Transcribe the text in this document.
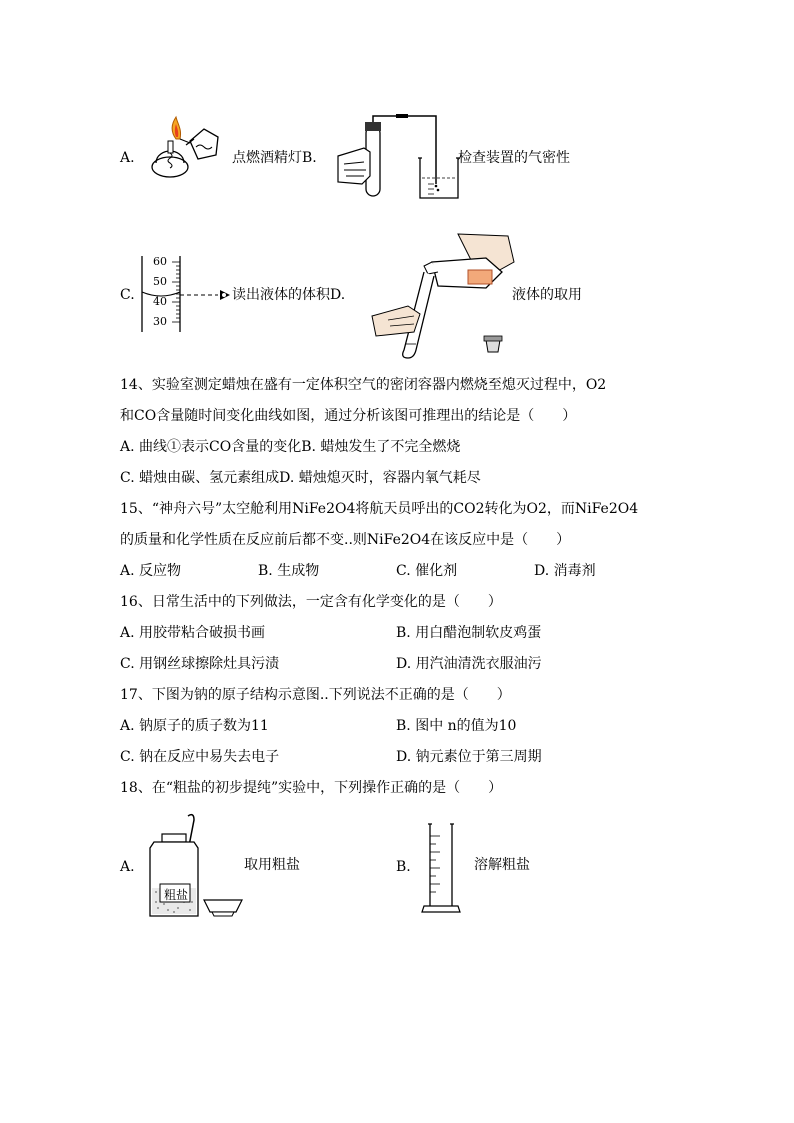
A.	点燃酒精灯B.	检查装置的气密性
C.
60
50
40
30
读出液体的体积D.	液体的取用
14、实验室测定蜡烛在盛有一定体积空气的密闭容器内燃烧至熄灭过程中，O2
和CO含量随时间变化曲线如图，通过分析该图可推理出的结论是（　　）
A. 曲线①表示CO含量的变化B. 蜡烛发生了不完全燃烧
C. 蜡烛由碳、氢元素组成D. 蜡烛熄灭时，容器内氧气耗尽
15、“神舟六号”太空舱利用NiFe2O4将航天员呼出的CO2转化为O2，而NiFe2O4
的质量和化学性质在反应前后都不变..则NiFe2O4在该反应中是（　　）
A. 反应物	B. 生成物	C. 催化剂	D. 消毒剂
16、日常生活中的下列做法，一定含有化学变化的是（　　）
A. 用胶带粘合破损书画	B. 用白醋泡制软皮鸡蛋
C. 用钢丝球擦除灶具污渍	D. 用汽油清洗衣服油污
17、下图为钠的原子结构示意图..下列说法不正确的是（　　）
A. 钠原子的质子数为11	B. 图中 n的值为10
C. 钠在反应中易失去电子	D. 钠元素位于第三周期
18、在“粗盐的初步提纯”实验中，下列操作正确的是（　　）
A.
粗盐
取用粗盐	B.	溶解粗盐
